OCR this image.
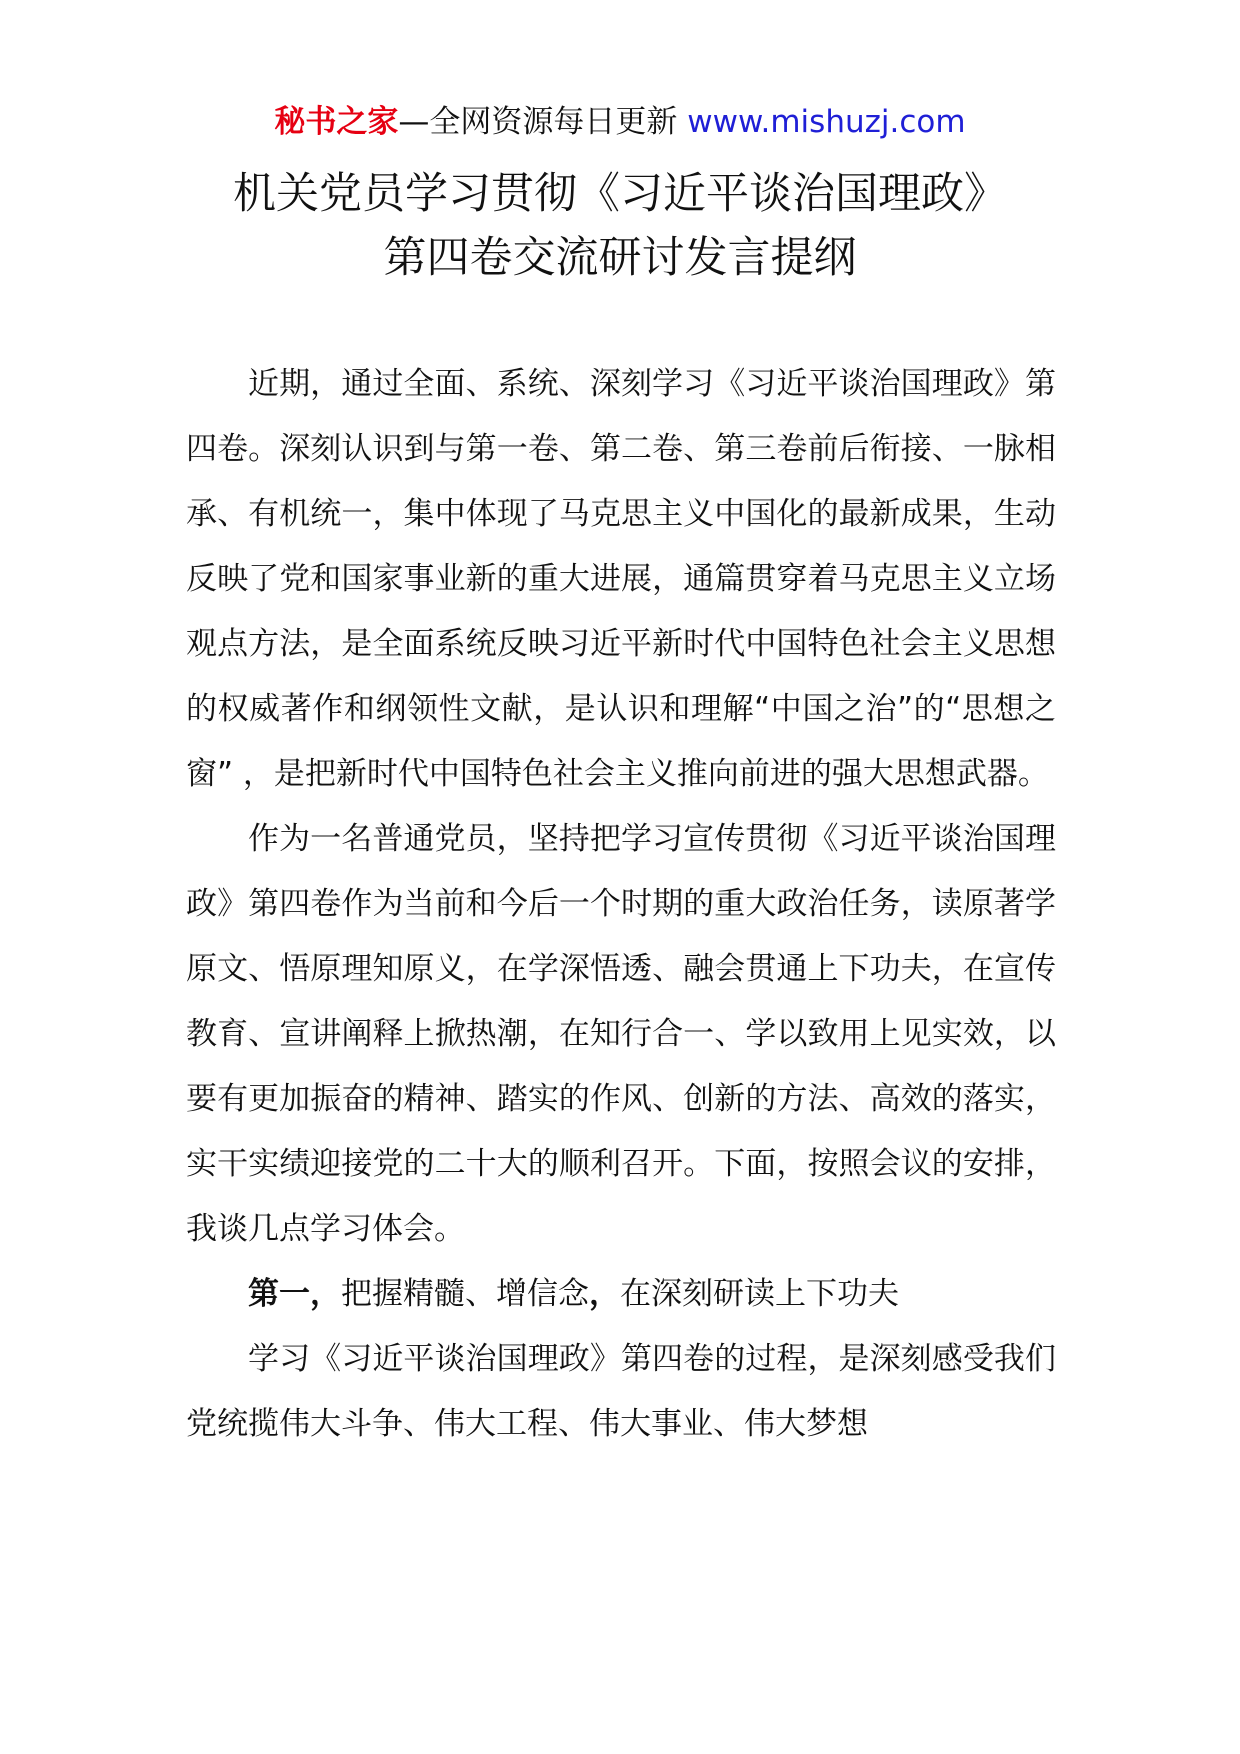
秘书之家—全网资源每日更新 www.mishuzj.com
机关党员学习贯彻《习近平谈治国理政》
第四卷交流研讨发言提纲

近期，通过全面、系统、深刻学习《习近平谈治国理政》第四卷。深刻认识到与第一卷、第二卷、第三卷前后衔接、一脉相承、有机统一，集中体现了马克思主义中国化的最新成果，生动反映了党和国家事业新的重大进展，通篇贯穿着马克思主义立场观点方法，是全面系统反映习近平新时代中国特色社会主义思想的权威著作和纲领性文献，是认识和理解“中国之治”的“思想之窗” ，是把新时代中国特色社会主义推向前进的强大思想武器。

作为一名普通党员，坚持把学习宣传贯彻《习近平谈治国理政》第四卷作为当前和今后一个时期的重大政治任务，读原著学原文、悟原理知原义，在学深悟透、融会贯通上下功夫，在宣传教育、宣讲阐释上掀热潮，在知行合一、学以致用上见实效，以要有更加振奋的精神、踏实的作风、创新的方法、高效的落实，实干实绩迎接党的二十大的顺利召开。下面，按照会议的安排，我谈几点学习体会。

第一，把握精髓、增信念，在深刻研读上下功夫

学习《习近平谈治国理政》第四卷的过程，是深刻感受我们党统揽伟大斗争、伟大工程、伟大事业、伟大梦想
